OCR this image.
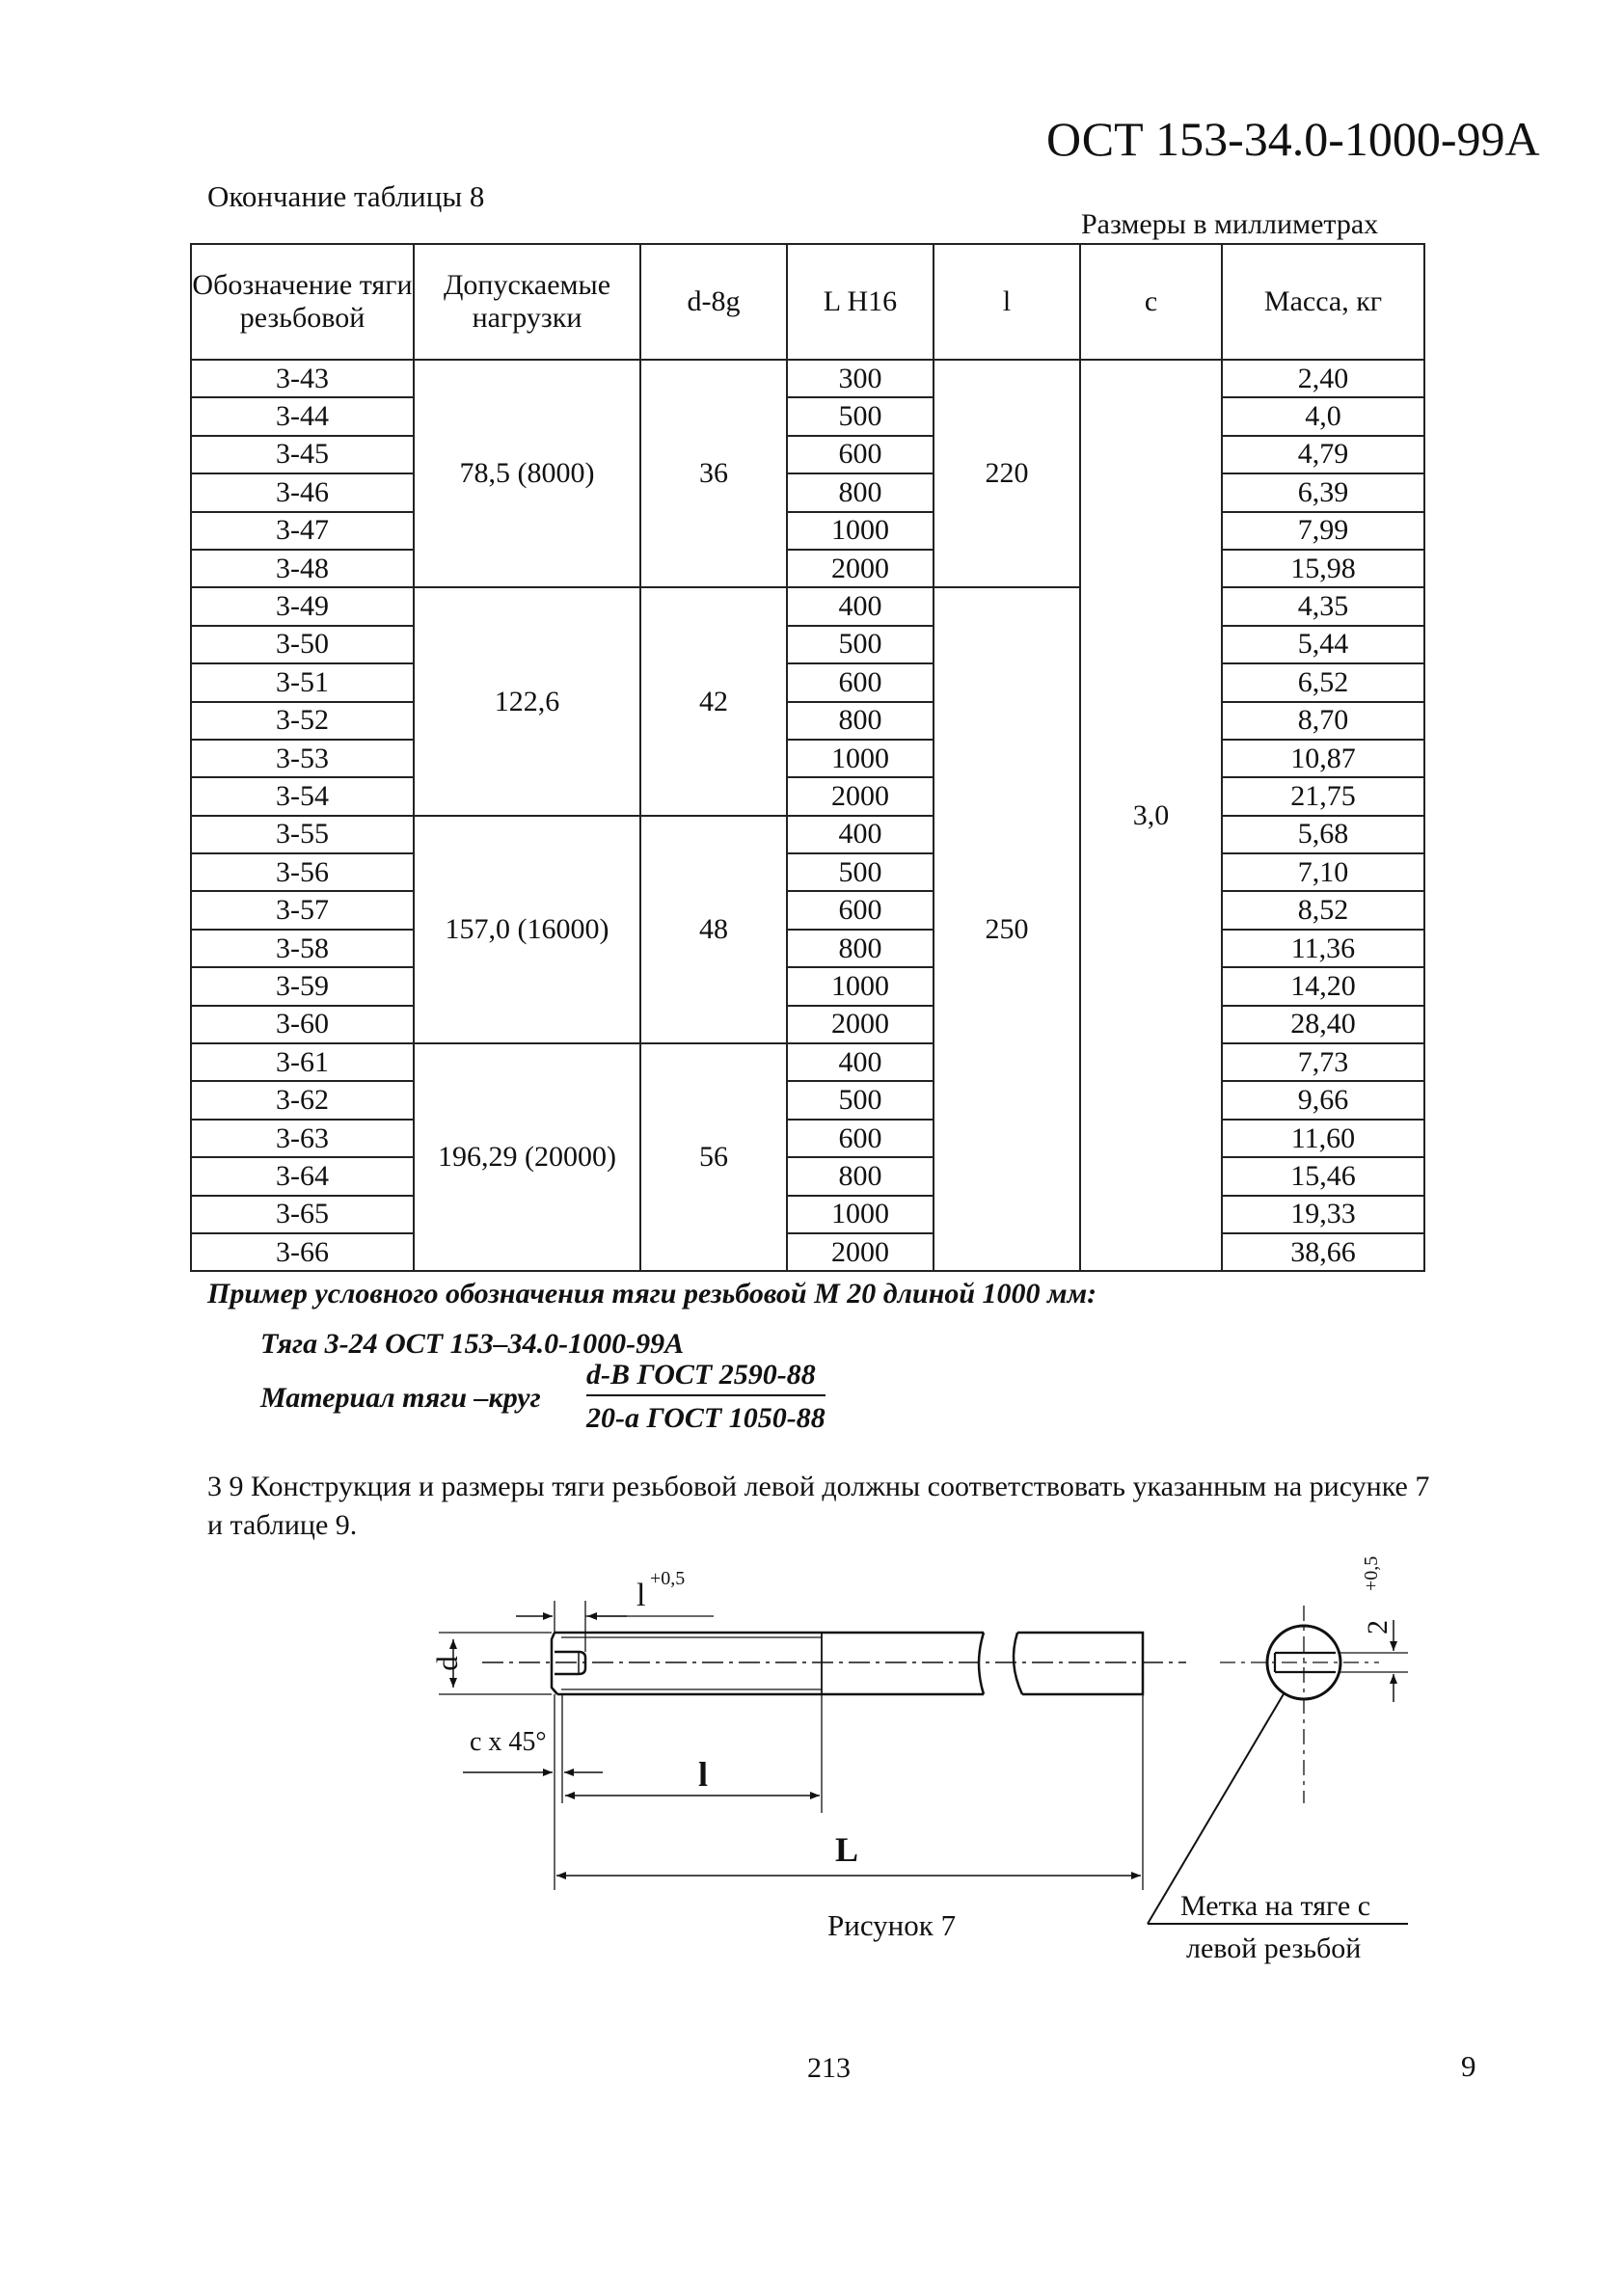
ОСТ 153-34.0-1000-99А
Окончание таблицы 8
Размеры в миллиметрах
Обозначение тяги резьбовой	Допускаемые нагрузки	d-8g	L H16	l	c	Масса, кг
3-43	78,5 (8000)	36	300	220	3,0	2,40
3-44			500			4,0
3-45			600			4,79
3-46			800			6,39
3-47			1000			7,99
3-48			2000			15,98
3-49	122,6	42	400	250		4,35
3-50			500			5,44
3-51			600			6,52
3-52			800			8,70
3-53			1000			10,87
3-54			2000			21,75
3-55	157,0 (16000)	48	400			5,68
3-56			500			7,10
3-57			600			8,52
3-58			800			11,36
3-59			1000			14,20
3-60			2000			28,40
3-61	196,29 (20000)	56	400			7,73
3-62			500			9,66
3-63			600			11,60
3-64			800			15,46
3-65			1000			19,33
3-66			2000			38,66
Пример условного обозначения тяги резьбовой М 20 длиной 1000 мм:
Тяга 3-24 ОСТ 153–34.0-1000-99А
Материал тяги –круг
d-B ГОСТ 2590-88
20-а ГОСТ 1050-88
3 9 Конструкция и размеры тяги резьбовой левой должны соответствовать указанным на рисунке 7 и таблице 9.
d
l +0,5
c x 45°
l
L
2
+0,5
Рисунок 7
Метка на тяге с
левой резьбой
213	9
